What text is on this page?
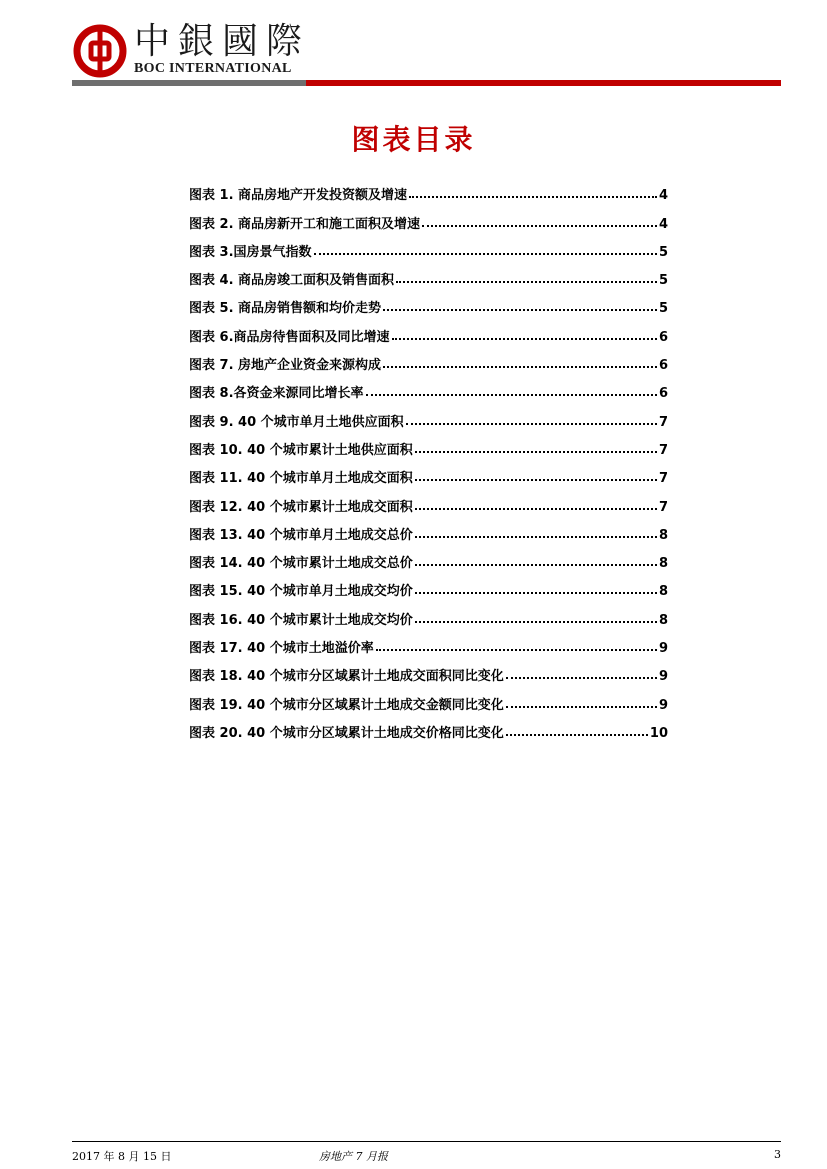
中銀國際
BOC INTERNATIONAL
图表目录
图表 1. 商品房地产开发投资额及增速	4
图表 2. 商品房新开工和施工面积及增速	4
图表 3.国房景气指数	5
图表 4. 商品房竣工面积及销售面积	5
图表 5. 商品房销售额和均价走势	5
图表 6.商品房待售面积及同比增速	6
图表 7. 房地产企业资金来源构成	6
图表 8.各资金来源同比增长率	6
图表 9. 40 个城市单月土地供应面积	7
图表 10. 40 个城市累计土地供应面积	7
图表 11. 40 个城市单月土地成交面积	7
图表 12. 40 个城市累计土地成交面积	7
图表 13. 40 个城市单月土地成交总价	8
图表 14. 40 个城市累计土地成交总价	8
图表 15. 40 个城市单月土地成交均价	8
图表 16. 40 个城市累计土地成交均价	8
图表 17. 40 个城市土地溢价率	9
图表 18. 40 个城市分区域累计土地成交面积同比变化	9
图表 19. 40 个城市分区域累计土地成交金额同比变化	9
图表 20. 40 个城市分区域累计土地成交价格同比变化	10
2017 年 8 月 15 日	房地产 7 月报	3
